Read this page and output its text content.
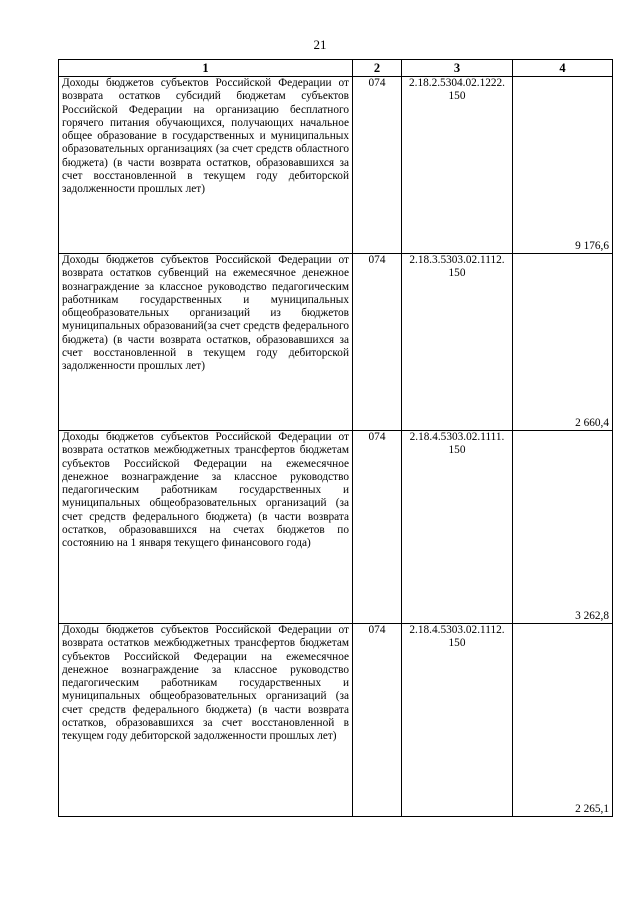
21
1	2	3	4
Доходы бюджетов субъектов Российской Федерации от возврата остатков субсидий бюджетам субъектов Российской Федерации на организацию бесплатного горячего питания обучающихся, получающих начальное общее образование в государственных и муниципальных образовательных организациях (за счет средств областного бюджета) (в части возврата остатков, образовавшихся за счет восстановленной в текущем году дебиторской задолженности прошлых лет)	074	2.18.2.5304.02.1222. 150	9 176,6
Доходы бюджетов субъектов Российской Федерации от возврата остатков субвенций на ежемесячное денежное вознаграждение за классное руководство педагогическим работникам государственных и муниципальных общеобразовательных организаций из бюджетов муниципальных образований(за счет средств федерального бюджета) (в части возврата остатков, образовавшихся за счет восстановленной в текущем году дебиторской задолженности прошлых лет)	074	2.18.3.5303.02.1112. 150	2 660,4
Доходы бюджетов субъектов Российской Федерации от возврата остатков межбюджетных трансфертов бюджетам субъектов Российской Федерации на ежемесячное денежное вознаграждение за классное руководство педагогическим работникам государственных и муниципальных общеобразовательных организаций (за счет средств федерального бюджета) (в части возврата остатков, образовавшихся на счетах бюджетов по состоянию на 1 января текущего финансового года)	074	2.18.4.5303.02.1111. 150	3 262,8
Доходы бюджетов субъектов Российской Федерации от возврата остатков межбюджетных трансфертов бюджетам субъектов Российской Федерации на ежемесячное денежное вознаграждение за классное руководство педагогическим работникам государственных и муниципальных общеобразовательных организаций (за счет средств федерального бюджета) (в части возврата остатков, образовавшихся за счет восстановленной в текущем году дебиторской задолженности прошлых лет)	074	2.18.4.5303.02.1112. 150	2 265,1
